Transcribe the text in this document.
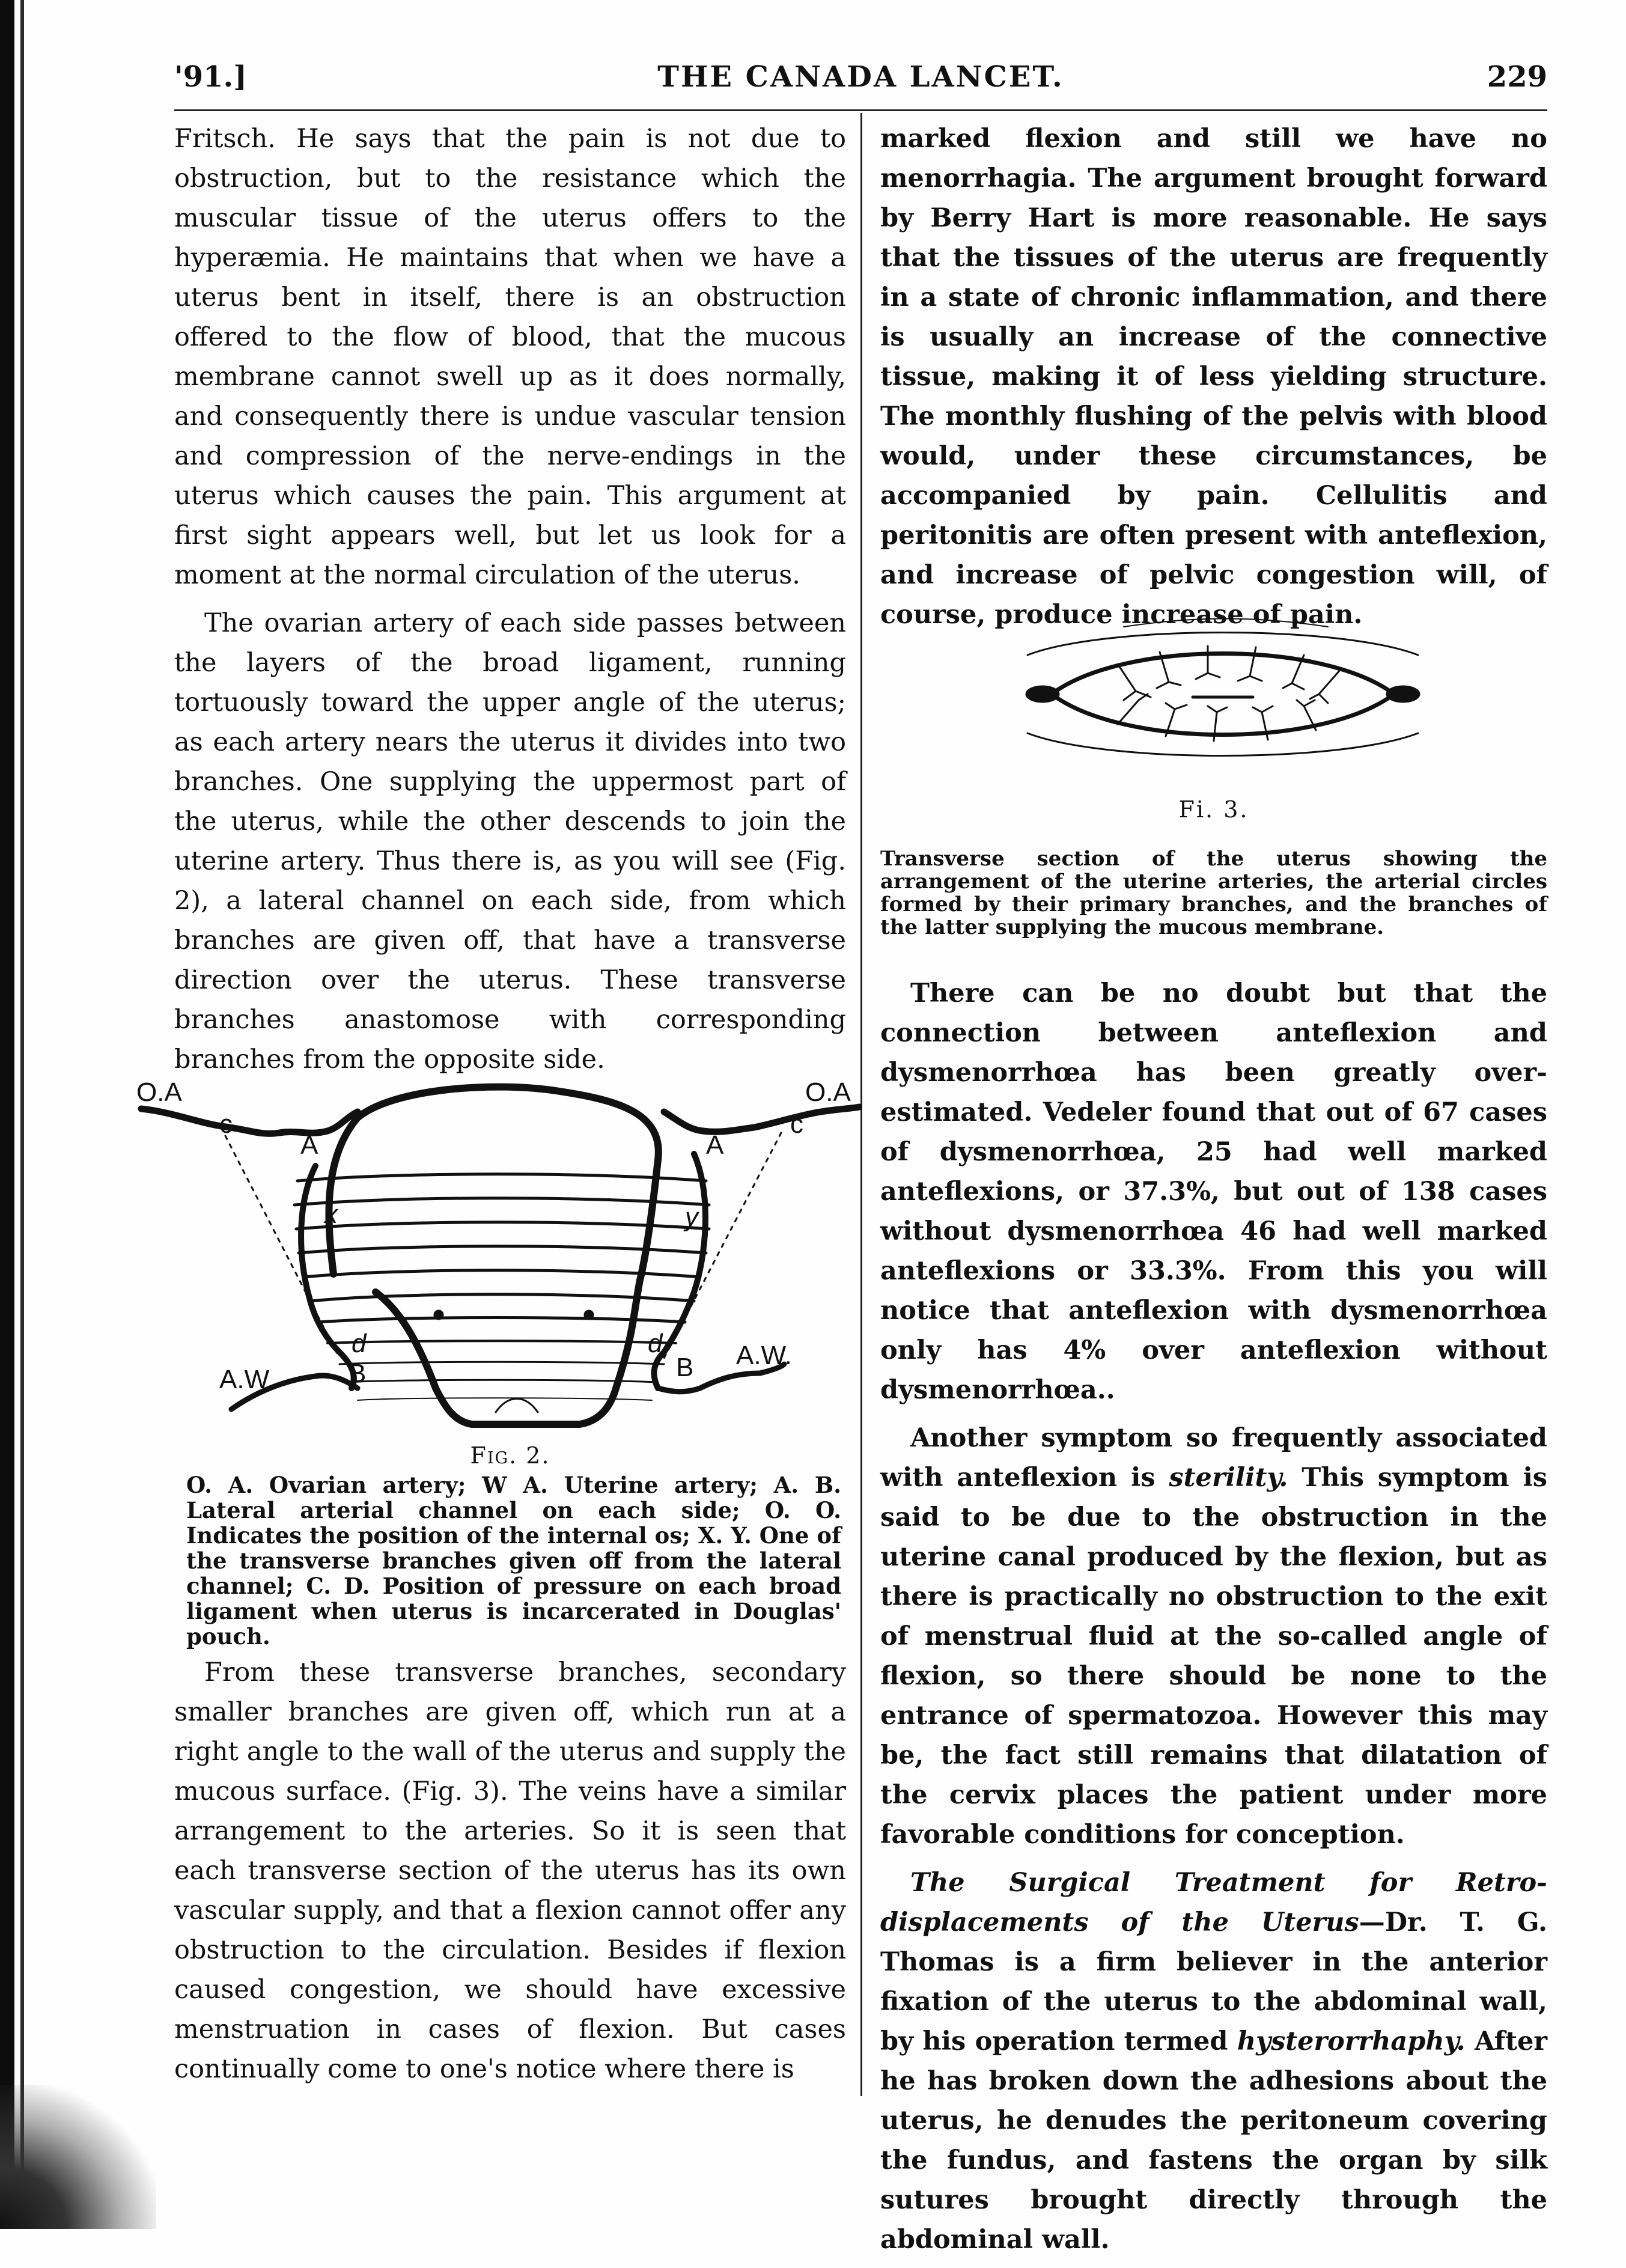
'91.]	THE CANADA LANCET.	229

Fritsch. He says that the pain is not due to obstruction, but to the resistance which the muscular tissue of the uterus offers to the hyperæmia. He maintains that when we have a uterus bent in itself, there is an obstruction offered to the flow of blood, that the mucous membrane cannot swell up as it does normally, and consequently there is undue vascular tension and compression of the nerve-endings in the uterus which causes the pain. This argument at first sight appears well, but let us look for a moment at the normal circulation of the uterus.

The ovarian artery of each side passes between the layers of the broad ligament, running tortuously toward the upper angle of the uterus; as each artery nears the uterus it divides into two branches. One supplying the uppermost part of the uterus, while the other descends to join the uterine artery. Thus there is, as you will see (Fig. 2), a lateral channel on each side, from which branches are given off, that have a transverse direction over the uterus. These transverse branches anastomose with corresponding branches from the opposite side.

O.A	O.A
c	c
A	A
x	y
d	d
B	B
A.W.
A.W.
Fig. 2.
O. A. Ovarian artery; W A. Uterine artery; A. B. Lateral arterial channel on each side; O. O. Indicates the position of the internal os; X. Y. One of the transverse branches given off from the lateral channel; C. D. Position of pressure on each broad ligament when uterus is incarcerated in Douglas' pouch.

From these transverse branches, secondary smaller branches are given off, which run at a right angle to the wall of the uterus and supply the mucous surface. (Fig. 3). The veins have a similar arrangement to the arteries. So it is seen that each transverse section of the uterus has its own vascular supply, and that a flexion cannot offer any obstruction to the circulation. Besides if flexion caused congestion, we should have excessive menstruation in cases of flexion. But cases continually come to one's notice where there is

marked flexion and still we have no menorrhagia. The argument brought forward by Berry Hart is more reasonable. He says that the tissues of the uterus are frequently in a state of chronic inflammation, and there is usually an increase of the connective tissue, making it of less yielding structure. The monthly flushing of the pelvis with blood would, under these circumstances, be accompanied by pain. Cellulitis and peritonitis are often present with anteflexion, and increase of pelvic congestion will, of course, produce increase of pain.

Fi. 3.
Transverse section of the uterus showing the arrangement of the uterine arteries, the arterial circles formed by their primary branches, and the branches of the latter supplying the mucous membrane.

There can be no doubt but that the connection between anteflexion and dysmenorrhœa has been greatly over-estimated. Vedeler found that out of 67 cases of dysmenorrhœa, 25 had well marked anteflexions, or 37.3%, but out of 138 cases without dysmenorrhœa 46 had well marked anteflexions or 33.3%. From this you will notice that anteflexion with dysmenorrhœa only has 4% over anteflexion without dysmenorrhœa..

Another symptom so frequently associated with anteflexion is sterility. This symptom is said to be due to the obstruction in the uterine canal produced by the flexion, but as there is practically no obstruction to the exit of menstrual fluid at the so-called angle of flexion, so there should be none to the entrance of spermatozoa. However this may be, the fact still remains that dilatation of the cervix places the patient under more favorable conditions for conception.

The Surgical Treatment for Retro-displacements of the Uterus—Dr. T. G. Thomas is a firm believer in the anterior fixation of the uterus to the abdominal wall, by his operation termed hysterorrhaphy. After he has broken down the adhesions about the uterus, he denudes the peritoneum covering the fundus, and fastens the organ by silk sutures brought directly through the abdominal wall.
